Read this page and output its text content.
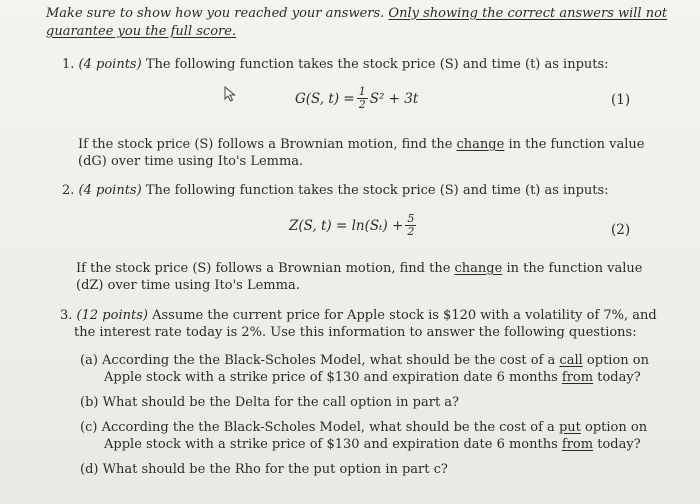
Make sure to show how you reached your answers. Only showing the correct answers will not
guarantee you the full score.
1. (4 points) The following function takes the stock price (S) and time (t) as inputs:
G(S, $t) = \frac{1}{2} S^2 + 3t$	(1)
If the stock price (S) follows a Brownian motion, find the change in the function value
(dG) over time using Ito's Lemma.
2. (4 points) The following function takes the stock price (S) and time (t) as inputs:
Z(S, $t) = \ln(S_t) + \frac{5}{2}$	(2)
If the stock price (S) follows a Brownian motion, find the change in the function value
(dZ) over time using Ito's Lemma.
3. (12 points) Assume the current price for Apple stock is $120 with a volatility of 7%, and
the interest rate today is 2%. Use this information to answer the following questions:
(a) According the the Black-Scholes Model, what should be the cost of a call option on
Apple stock with a strike price of $130 and expiration date 6 months from today?
(b) What should be the Delta for the call option in part a?
(c) According the the Black-Scholes Model, what should be the cost of a put option on
Apple stock with a strike price of $130 and expiration date 6 months from today?
(d) What should be the Rho for the put option in part c?
